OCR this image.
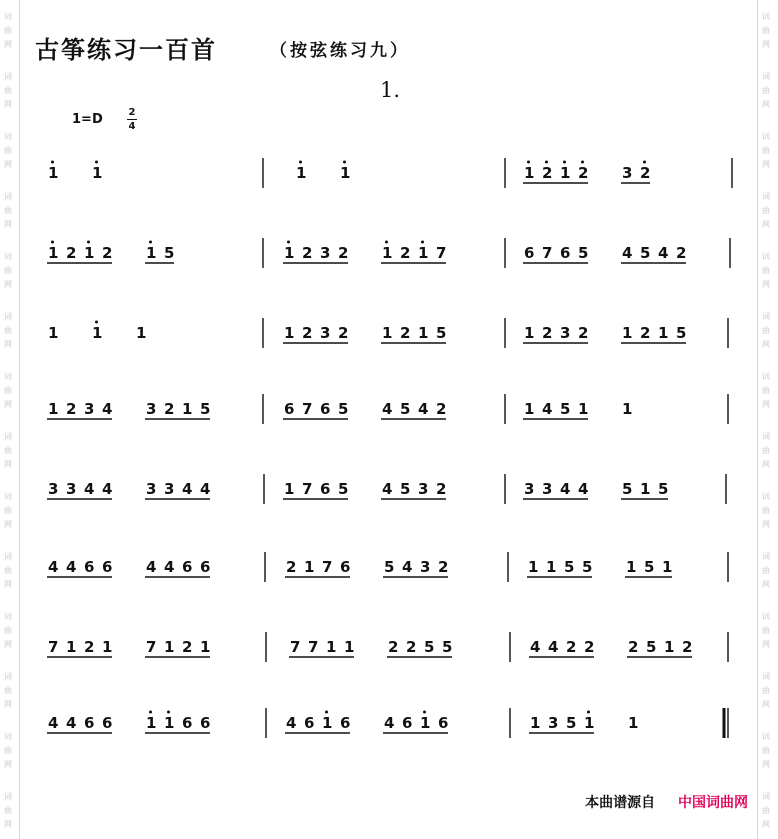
词
曲
网
词
曲
网
词
曲
网
词
曲
网
词
曲
网
词
曲
网
词
曲
网
词
曲
网
词
曲
网
词
曲
网
词
曲
网
词
曲
网
词
曲
网
词
曲
网
词
曲
网
词
曲
网
词
曲
网
词
曲
网
词
曲
网
词
曲
网
词
曲
网
词
曲
网
词
曲
网
词
曲
网
词
曲
网
词
曲
网
词
曲
网
词
曲
网
古筝练习一百首	（按弦练习九）
1.
1=D	2
4
1 1	1 1	1 2 1 2 3 2
1 2 1 2 1 5	1 2 3 2 1 2 1 7	6 7 6 5 4 5 4 2
1 1 1	1 2 3 2 1 2 1 5	1 2 3 2 1 2 1 5
1 2 3 4 3 2 1 5	6 7 6 5 4 5 4 2	1 4 5 1 1
3 3 4 4 3 3 4 4	1 7 6 5 4 5 3 2	3 3 4 4 5 1 5
4 4 6 6 4 4 6 6	2 1 7 6 5 4 3 2	1 1 5 5 1 5 1
7 1 2 1 7 1 2 1	7 7 1 1 2 2 5 5	4 4 2 2 2 5 1 2
4 4 6 6 1 1 6 6	4 6 1 6 4 6 1 6	1 3 5 1 1
本曲谱源自 中国词曲网
